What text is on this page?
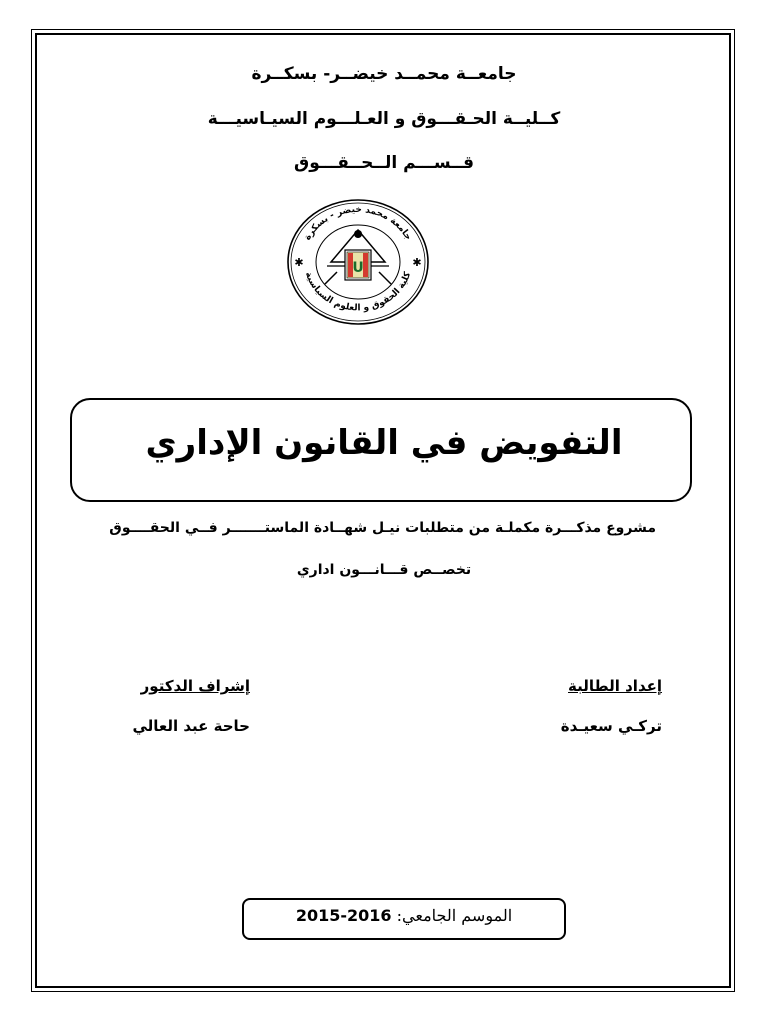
جامعــة محمــد خيضــر- بسكــرة
كــليــة الحـقـــوق و العـلـــوم السيـاسيـــة
قــســـم الــحــقـــوق
جامعة محمد خيضر - بسكرة
كلية الحقوق و العلوم السياسية
✱	✱
U
التفويض في القانون الإداري
مشروع مذكـــرة مكملـة من متطلبات نيـل شهــادة الماستـــــــر فــي الحقــــوق
تخصــص قـــانـــون اداري
إعداد الطالبة
تركـي سعيـدة
إشراف الدكتور
حاحة عبد العالي
الموسم الجامعي: 2016-2015
